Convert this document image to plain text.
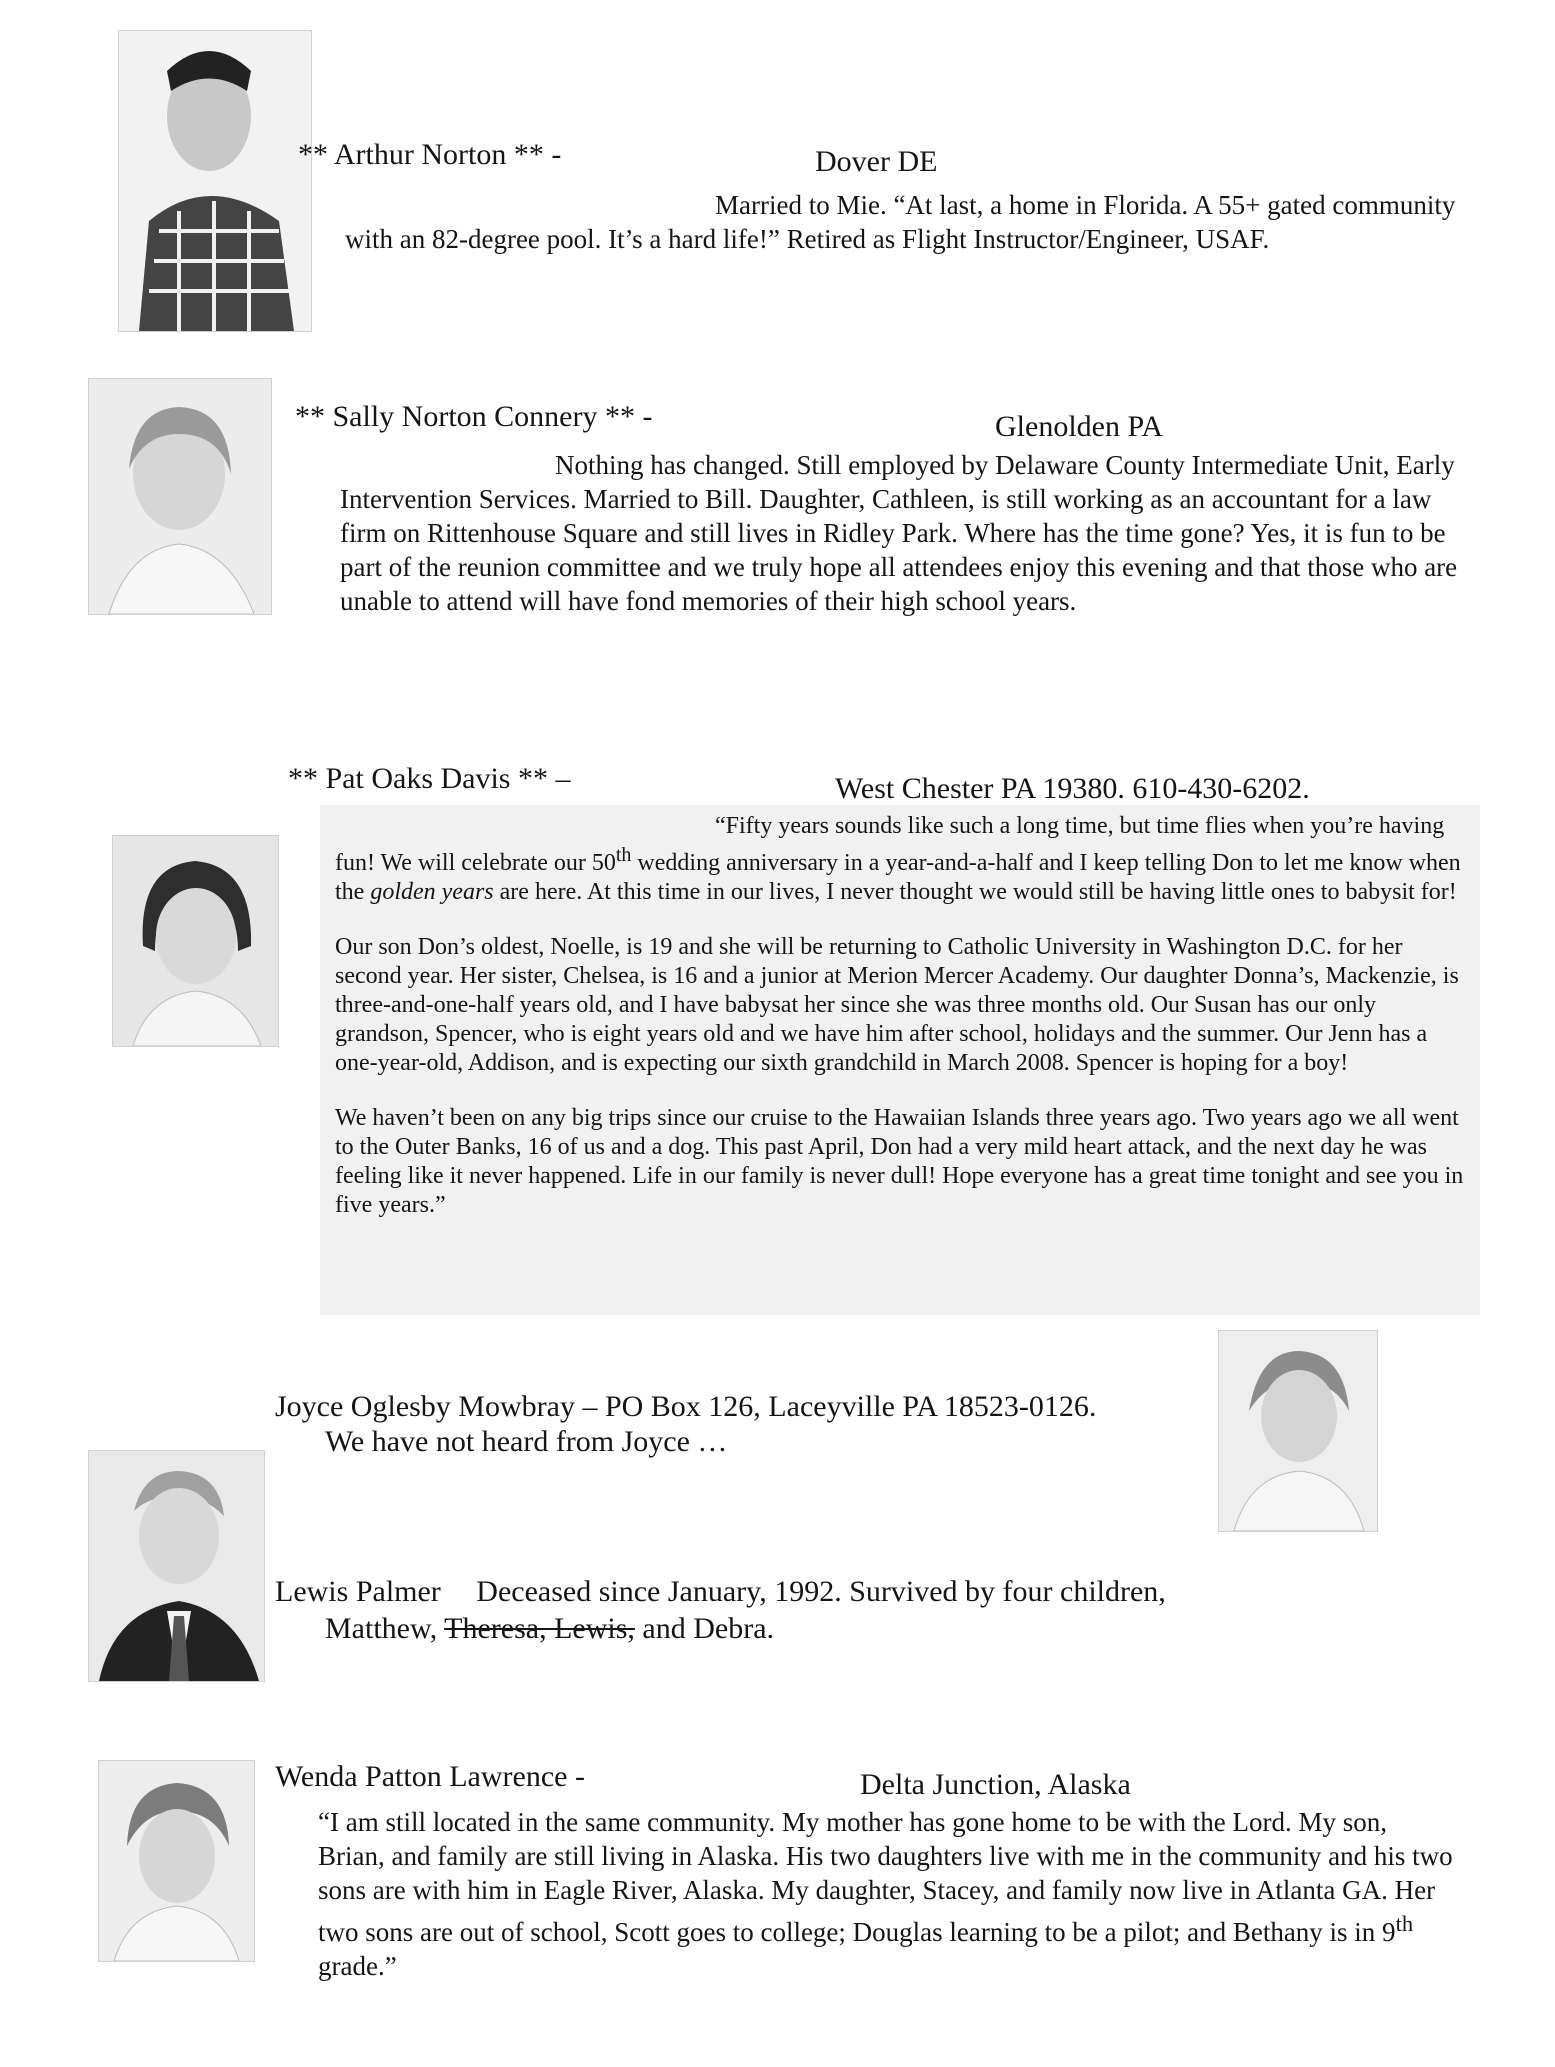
** Arthur Norton ** -	Dover DE
Married to Mie. “At last, a home in Florida. A 55+ gated community with an 82-degree pool. It’s a hard life!” Retired as Flight Instructor/Engineer, USAF.
** Sally Norton Connery ** -	Glenolden PA
Nothing has changed. Still employed by Delaware County Intermediate Unit, Early Intervention Services. Married to Bill. Daughter, Cathleen, is still working as an accountant for a law firm on Rittenhouse Square and still lives in Ridley Park. Where has the time gone? Yes, it is fun to be part of the reunion committee and we truly hope all attendees enjoy this evening and that those who are unable to attend will have fond memories of their high school years.
** Pat Oaks Davis ** –	West Chester PA 19380. 610-430-6202.

“Fifty years sounds like such a long time, but time flies when you’re having fun! We will celebrate our 50th wedding anniversary in a year-and-a-half and I keep telling Don to let me know when the golden years are here. At this time in our lives, I never thought we would still be having little ones to babysit for!

Our son Don’s oldest, Noelle, is 19 and she will be returning to Catholic University in Washington D.C. for her second year. Her sister, Chelsea, is 16 and a junior at Merion Mercer Academy. Our daughter Donna’s, Mackenzie, is three-and-one-half years old, and I have babysat her since she was three months old. Our Susan has our only grandson, Spencer, who is eight years old and we have him after school, holidays and the summer. Our Jenn has a one-year-old, Addison, and is expecting our sixth grandchild in March 2008. Spencer is hoping for a boy!

We haven’t been on any big trips since our cruise to the Hawaiian Islands three years ago. Two years ago we all went to the Outer Banks, 16 of us and a dog. This past April, Don had a very mild heart attack, and the next day he was feeling like it never happened. Life in our family is never dull! Hope everyone has a great time tonight and see you in five years.”

Joyce Oglesby Mowbray – PO Box 126, Laceyville PA 18523-0126.
We have not heard from Joyce …
Lewis Palmer Deceased since January, 1992. Survived by four children,
Matthew, Theresa, Lewis, and Debra.
Wenda Patton Lawrence -	Delta Junction, Alaska
“I am still located in the same community. My mother has gone home to be with the Lord. My son, Brian, and family are still living in Alaska. His two daughters live with me in the community and his two sons are with him in Eagle River, Alaska. My daughter, Stacey, and family now live in Atlanta GA. Her two sons are out of school, Scott goes to college; Douglas learning to be a pilot; and Bethany is in 9th grade.”
